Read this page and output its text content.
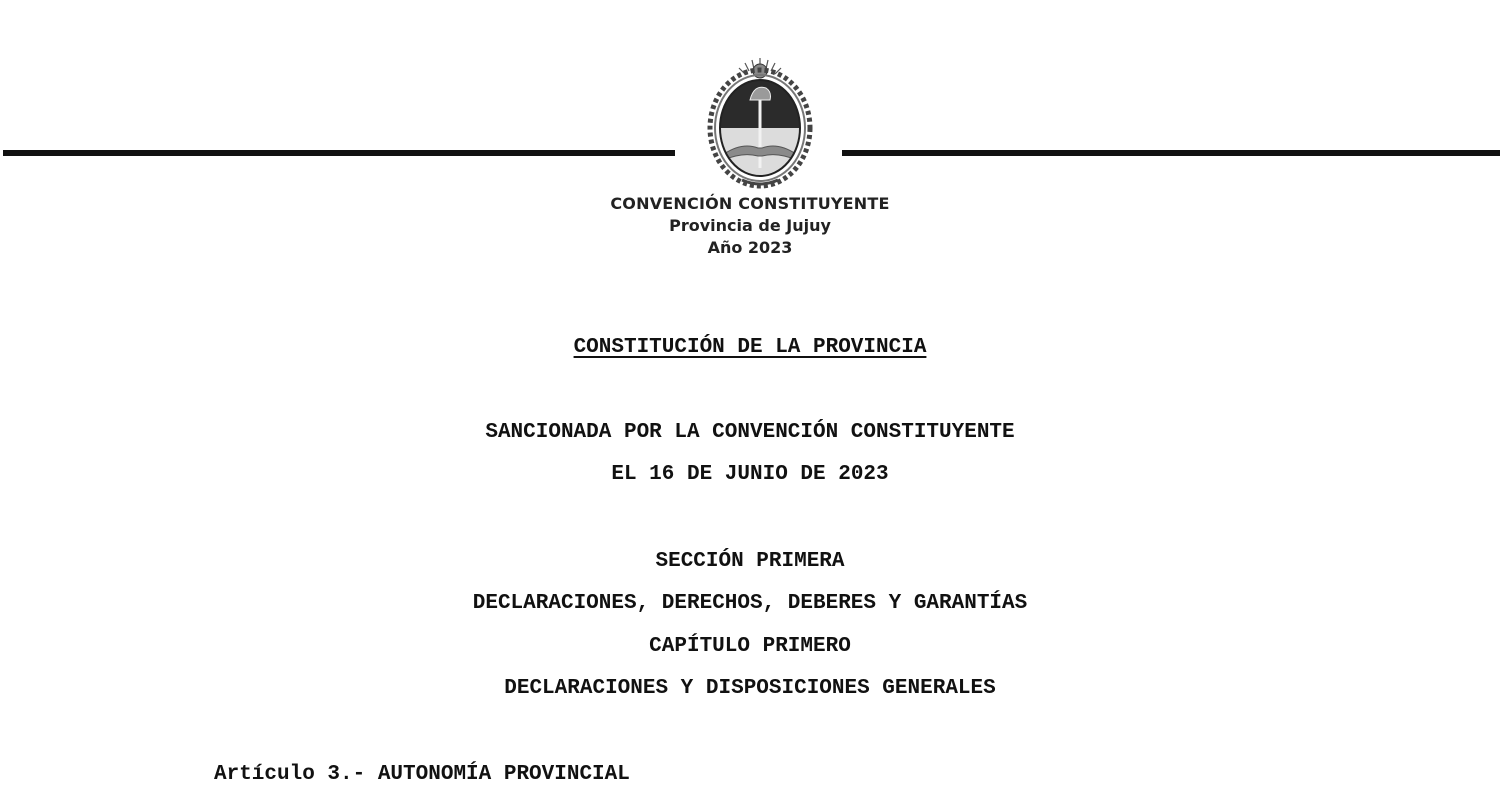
CONVENCIÓN CONSTITUYENTE
Provincia de Jujuy
Año 2023
CONSTITUCIÓN DE LA PROVINCIA
SANCIONADA POR LA CONVENCIÓN CONSTITUYENTE
EL 16 DE JUNIO DE 2023
SECCIÓN PRIMERA
DECLARACIONES, DERECHOS, DEBERES Y GARANTÍAS
CAPÍTULO PRIMERO
DECLARACIONES Y DISPOSICIONES GENERALES
Artículo 3.- AUTONOMÍA PROVINCIAL
